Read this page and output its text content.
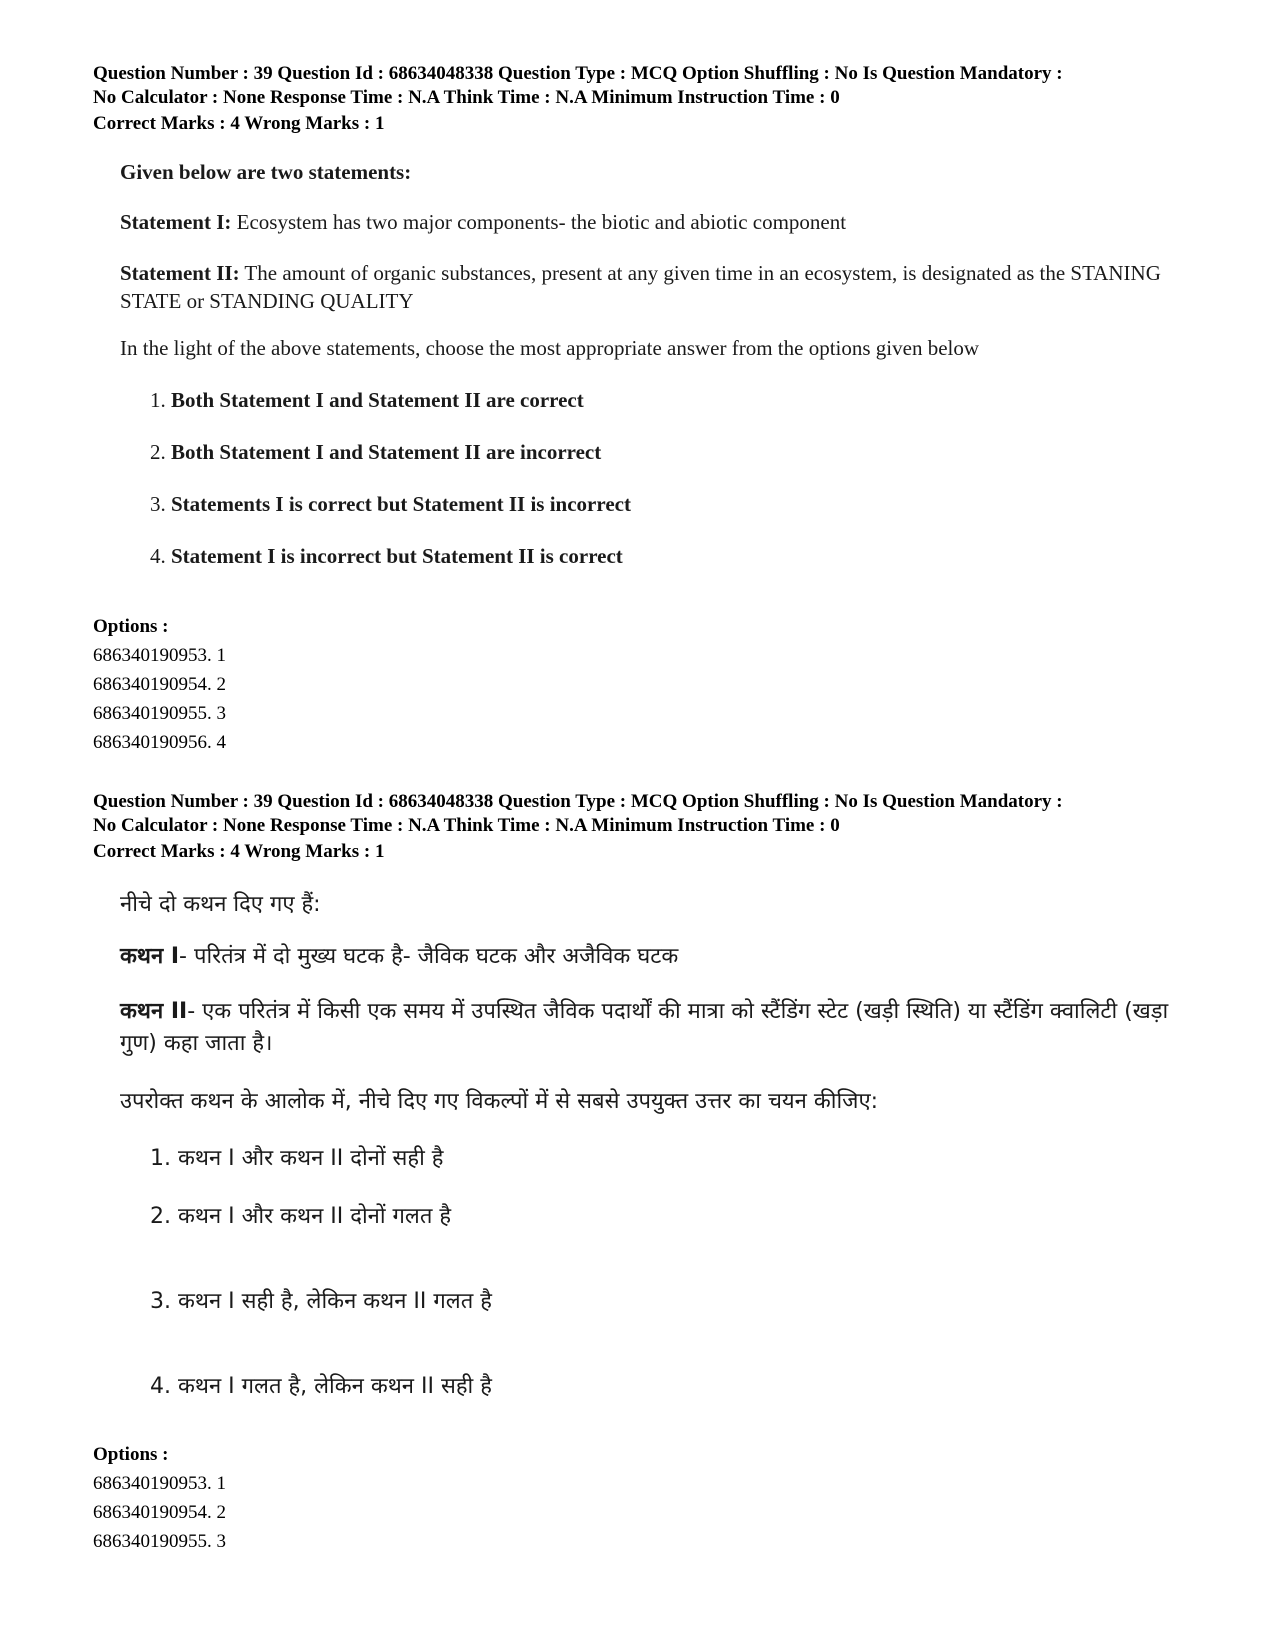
Question Number : 39 Question Id : 68634048338 Question Type : MCQ Option Shuffling : No Is Question Mandatory :
No Calculator : None Response Time : N.A Think Time : N.A Minimum Instruction Time : 0
Correct Marks : 4 Wrong Marks : 1
Given below are two statements:
Statement I: Ecosystem has two major components- the biotic and abiotic component
Statement II: The amount of organic substances, present at any given time in an ecosystem, is designated as the STANING STATE or STANDING QUALITY
In the light of the above statements, choose the most appropriate answer from the options given below
1. Both Statement I and Statement II are correct
2. Both Statement I and Statement II are incorrect
3. Statements I is correct but Statement II is incorrect
4. Statement I is incorrect but Statement II is correct
Options :
686340190953. 1
686340190954. 2
686340190955. 3
686340190956. 4
Question Number : 39 Question Id : 68634048338 Question Type : MCQ Option Shuffling : No Is Question Mandatory :
No Calculator : None Response Time : N.A Think Time : N.A Minimum Instruction Time : 0
Correct Marks : 4 Wrong Marks : 1
नीचे दो कथन दिए गए हैं:
कथन I- परितंत्र में दो मुख्य घटक है- जैविक घटक और अजैविक घटक
कथन II- एक परितंत्र में किसी एक समय में उपस्थित जैविक पदार्थों की मात्रा को स्टैंडिंग स्टेट (खड़ी स्थिति) या स्टैंडिंग क्वालिटी (खड़ा गुण) कहा जाता है।
उपरोक्त कथन के आलोक में, नीचे दिए गए विकल्पों में से सबसे उपयुक्त उत्तर का चयन कीजिए:
1. कथन I और कथन II दोनों सही है
2. कथन I और कथन II दोनों गलत है
3. कथन I सही है, लेकिन कथन II गलत है
4. कथन I गलत है, लेकिन कथन II सही है
Options :
686340190953. 1
686340190954. 2
686340190955. 3
